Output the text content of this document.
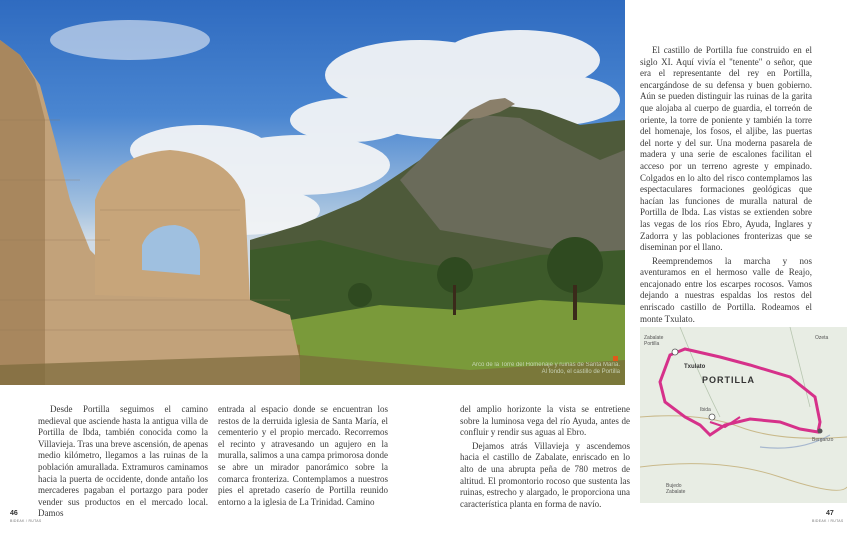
Arco de la Torre del Homenaje y ruinas de Santa María. Al fondo, el castillo de Portilla

El castillo de Portilla fue construido en el siglo XI. Aquí vivía el "tenente" o señor, que era el representante del rey en Portilla, encargándose de su defensa y buen gobierno. Aún se pueden distinguir las ruinas de la garita que alojaba al cuerpo de guardia, el torreón de oriente, la torre de poniente y también la torre del homenaje, los fosos, el aljibe, las puertas del norte y del sur. Una moderna pasarela de madera y una serie de escalones facilitan el acceso por un terreno agreste y empinado. Colgados en lo alto del risco contemplamos las espectaculares formaciones geológicas que hacían las funciones de muralla natural de Portilla de Ibda. Las vistas se extienden sobre las vegas de los ríos Ebro, Ayuda, Inglares y Zadorra y las poblaciones fronterizas que se diseminan por el llano.

Reemprendemos la marcha y nos aventuramos en el hermoso valle de Reajo, encajonado entre los escarpes rocosos. Vamos dejando a nuestras espaldas los restos del enriscado castillo de Portilla. Rodeamos el monte Txulato.

PORTILLA
Zabalate Portilla
Txulato
Ibida
Berganzo
Bujedo Zabalate
Ozeta

Desde Portilla seguimos el camino medieval que asciende hasta la antigua villa de Portilla de Ibda, también conocida como la Villavieja. Tras una breve ascensión, de apenas medio kilómetro, llegamos a las ruinas de la población amurallada. Extramuros caminamos hacia la puerta de occidente, donde antaño los mercaderes pagaban el portazgo para poder vender sus productos en el mercado local. Damos

entrada al espacio donde se encuentran los restos de la derruida iglesia de Santa María, el cementerio y el propio mercado. Recorremos el recinto y atravesando un agujero en la muralla, salimos a una campa primorosa donde se abre un mirador panorámico sobre la comarca fronteriza. Contemplamos a nuestros pies el apretado caserío de Portilla reunido entorno a la iglesia de La Trinidad. Camino

del amplio horizonte la vista se entretiene sobre la luminosa vega del río Ayuda, antes de confluir y rendir sus aguas al Ebro.

Dejamos atrás Villavieja y ascendemos hacia el castillo de Zabalate, enriscado en lo alto de una abrupta peña de 780 metros de altitud. El promontorio rocoso que sustenta las ruinas, estrecho y alargado, le proporciona una característica planta en forma de navío.

46
BIDEAK / RUTAS
47
BIDEAK / RUTAS
